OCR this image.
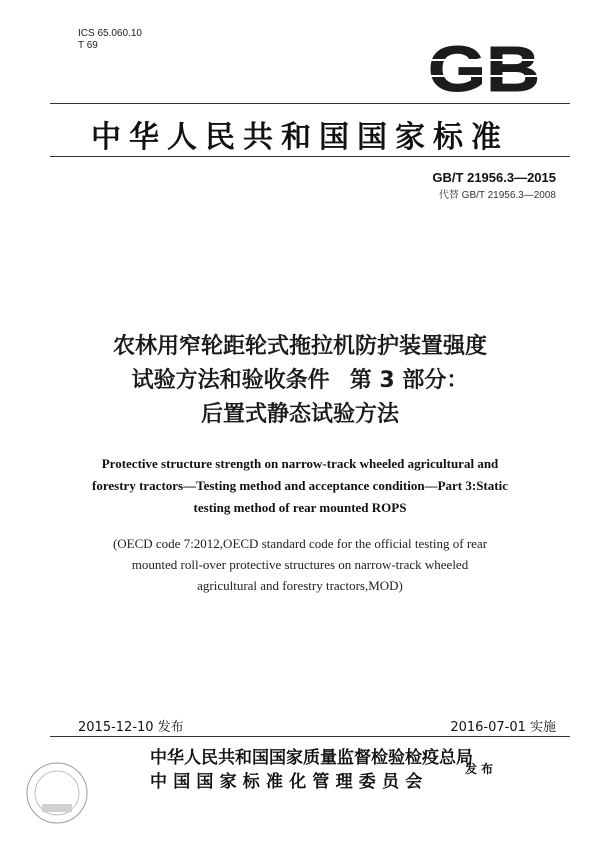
ICS 65.060.10
T 69	GB
中华人民共和国国家标准
GB/T 21956.3—2015
代替 GB/T 21956.3—2008
农林用窄轮距轮式拖拉机防护装置强度
试验方法和验收条件 第 3 部分：
后置式静态试验方法
Protective structure strength on narrow-track wheeled agricultural and
forestry tractors—Testing method and acceptance condition—Part 3:Static
testing method of rear mounted ROPS
(OECD code 7:2012,OECD standard code for the official testing of rear
mounted roll-over protective structures on narrow-track wheeled
agricultural and forestry tractors,MOD)
2015-12-10 发布	2016-07-01 实施
中华人民共和国国家质量监督检验检疫总局
中国国家标准化管理委员会
发布
